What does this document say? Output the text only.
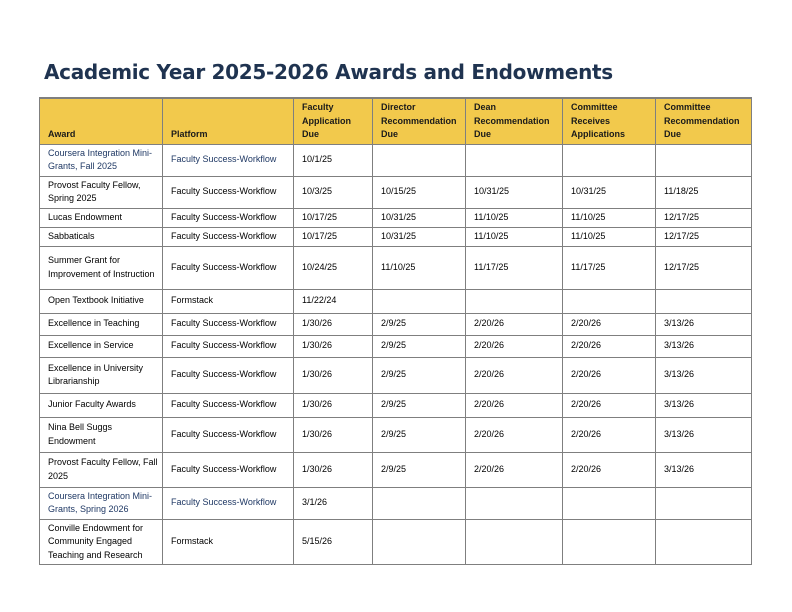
Academic Year 2025-2026 Awards and Endowments
Award	Platform	Faculty Application Due	Director Recommendation Due	Dean Recommendation Due	Committee Receives Applications	Committee Recommendation Due
Coursera Integration Mini-Grants, Fall 2025	Faculty Success-Workflow	10/1/25				
Provost Faculty Fellow, Spring 2025	Faculty Success-Workflow	10/3/25	10/15/25	10/31/25	10/31/25	11/18/25
Lucas Endowment	Faculty Success-Workflow	10/17/25	10/31/25	11/10/25	11/10/25	12/17/25
Sabbaticals	Faculty Success-Workflow	10/17/25	10/31/25	11/10/25	11/10/25	12/17/25
Summer Grant for Improvement of Instruction	Faculty Success-Workflow	10/24/25	11/10/25	11/17/25	11/17/25	12/17/25
Open Textbook Initiative	Formstack	11/22/24				
Excellence in Teaching	Faculty Success-Workflow	1/30/26	2/9/25	2/20/26	2/20/26	3/13/26
Excellence in Service	Faculty Success-Workflow	1/30/26	2/9/25	2/20/26	2/20/26	3/13/26
Excellence in University Librarianship	Faculty Success-Workflow	1/30/26	2/9/25	2/20/26	2/20/26	3/13/26
Junior Faculty Awards	Faculty Success-Workflow	1/30/26	2/9/25	2/20/26	2/20/26	3/13/26
Nina Bell Suggs Endowment	Faculty Success-Workflow	1/30/26	2/9/25	2/20/26	2/20/26	3/13/26
Provost Faculty Fellow, Fall 2025	Faculty Success-Workflow	1/30/26	2/9/25	2/20/26	2/20/26	3/13/26
Coursera Integration Mini-Grants, Spring 2026	Faculty Success-Workflow	3/1/26				
Conville Endowment for Community Engaged Teaching and Research	Formstack	5/15/26				
